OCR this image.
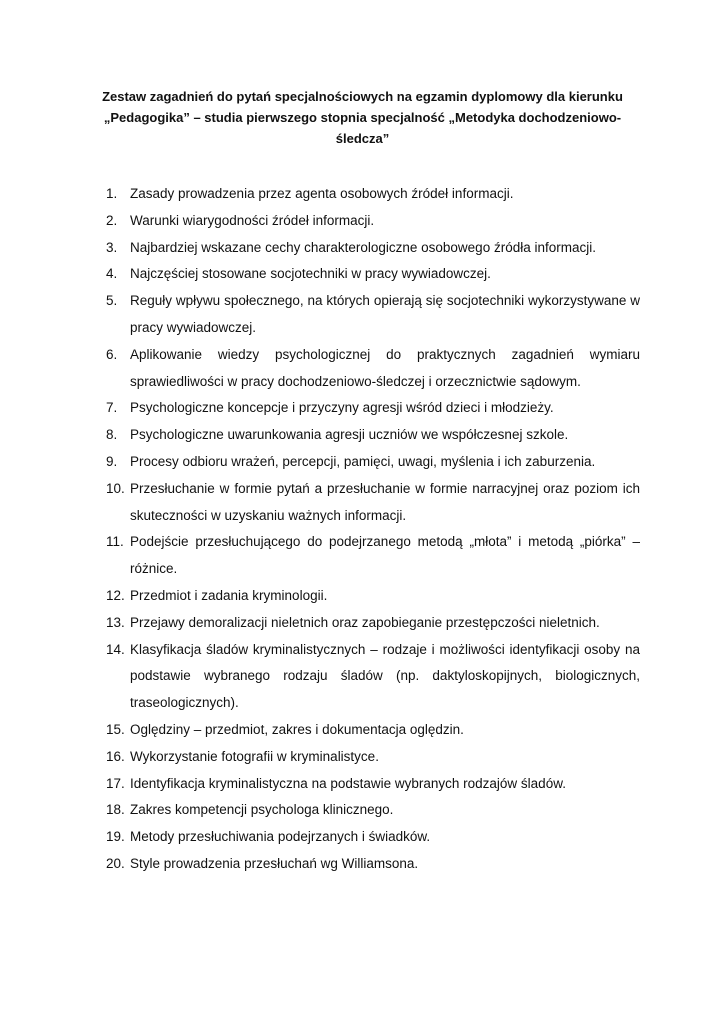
Zestaw zagadnień do pytań specjalnościowych na egzamin dyplomowy dla kierunku
„Pedagogika” – studia pierwszego stopnia specjalność „Metodyka dochodzeniowo-
śledcza”
1. Zasady prowadzenia przez agenta osobowych źródeł informacji.
2. Warunki wiarygodności źródeł informacji.
3. Najbardziej wskazane cechy charakterologiczne osobowego źródła informacji.
4. Najczęściej stosowane socjotechniki w pracy wywiadowczej.
5. Reguły wpływu społecznego, na których opierają się socjotechniki wykorzystywane w pracy wywiadowczej.
6. Aplikowanie wiedzy psychologicznej do praktycznych zagadnień wymiaru sprawiedliwości w pracy dochodzeniowo-śledczej i orzecznictwie sądowym.
7. Psychologiczne koncepcje i przyczyny agresji wśród dzieci i młodzieży.
8. Psychologiczne uwarunkowania agresji uczniów we współczesnej szkole.
9. Procesy odbioru wrażeń, percepcji, pamięci, uwagi, myślenia i ich zaburzenia.
10. Przesłuchanie w formie pytań a przesłuchanie w formie narracyjnej oraz poziom ich skuteczności w uzyskaniu ważnych informacji.
11. Podejście przesłuchującego do podejrzanego metodą „młota” i metodą „piórka” – różnice.
12. Przedmiot i zadania kryminologii.
13. Przejawy demoralizacji nieletnich oraz zapobieganie przestępczości nieletnich.
14. Klasyfikacja śladów kryminalistycznych – rodzaje i możliwości identyfikacji osoby na podstawie wybranego rodzaju śladów (np. daktyloskopijnych, biologicznych, traseologicznych).
15. Oględziny – przedmiot, zakres i dokumentacja oględzin.
16. Wykorzystanie fotografii w kryminalistyce.
17. Identyfikacja kryminalistyczna na podstawie wybranych rodzajów śladów.
18. Zakres kompetencji psychologa klinicznego.
19. Metody przesłuchiwania podejrzanych i świadków.
20. Style prowadzenia przesłuchań wg Williamsona.
